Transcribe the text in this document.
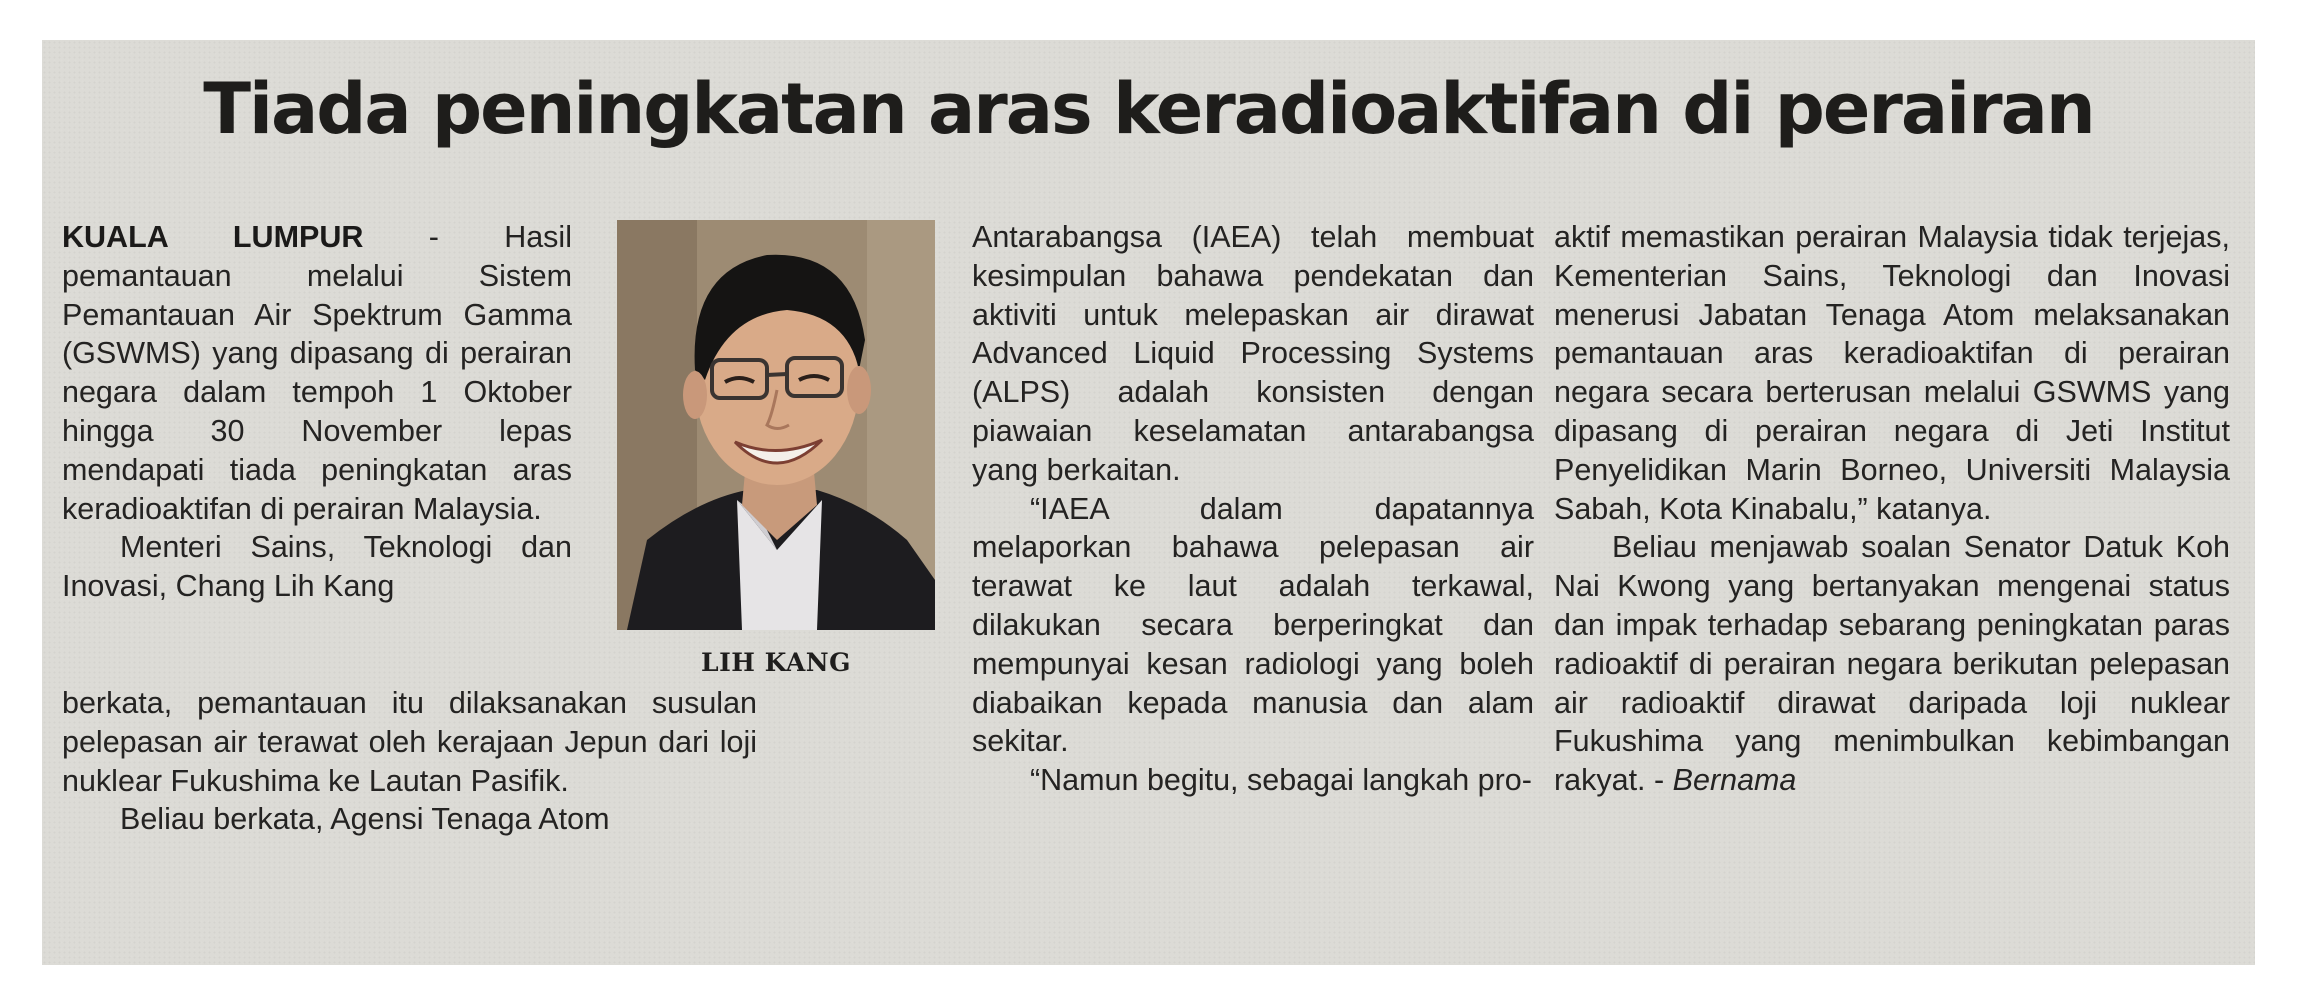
Tiada peningkatan aras keradioaktifan di perairan

KUALA LUMPUR - Hasil pemantauan melalui Sistem Pemantauan Air Spektrum Gamma (GSWMS) yang dipasang di perairan negara dalam tempoh 1 Oktober hingga 30 November lepas mendapati tiada peningkatan aras keradioaktifan di perairan Malaysia.

Menteri Sains, Teknologi dan Inovasi, Chang Lih Kang

LIH KANG

berkata, pemantauan itu dilaksanakan susulan pelepasan air terawat oleh kerajaan Jepun dari loji nuklear Fukushima ke Lautan Pasifik.

Beliau berkata, Agensi Tenaga Atom

Antarabangsa (IAEA) telah membuat kesimpulan bahawa pendekatan dan aktiviti untuk melepaskan air dirawat Advanced Liquid Processing Systems (ALPS) adalah konsisten dengan piawaian keselamatan antarabangsa yang berkaitan.

“IAEA dalam dapatannya melaporkan bahawa pelepasan air terawat ke laut adalah terkawal, dilakukan secara berperingkat dan mempunyai kesan radiologi yang boleh diabaikan kepada manusia dan alam sekitar.

“Namun begitu, sebagai langkah pro-

aktif memastikan perairan Malaysia tidak terjejas, Kementerian Sains, Teknologi dan Inovasi menerusi Jabatan Tenaga Atom melaksanakan pemantauan aras keradioaktifan di perairan negara secara berterusan melalui GSWMS yang dipasang di perairan negara di Jeti Institut Penyelidikan Marin Borneo, Universiti Malaysia Sabah, Kota Kinabalu,” katanya.

Beliau menjawab soalan Senator Datuk Koh Nai Kwong yang bertanyakan mengenai status dan impak terhadap sebarang peningkatan paras radioaktif di perairan negara berikutan pelepasan air radioaktif dirawat daripada loji nuklear Fukushima yang menimbulkan kebimbangan rakyat. - Bernama
